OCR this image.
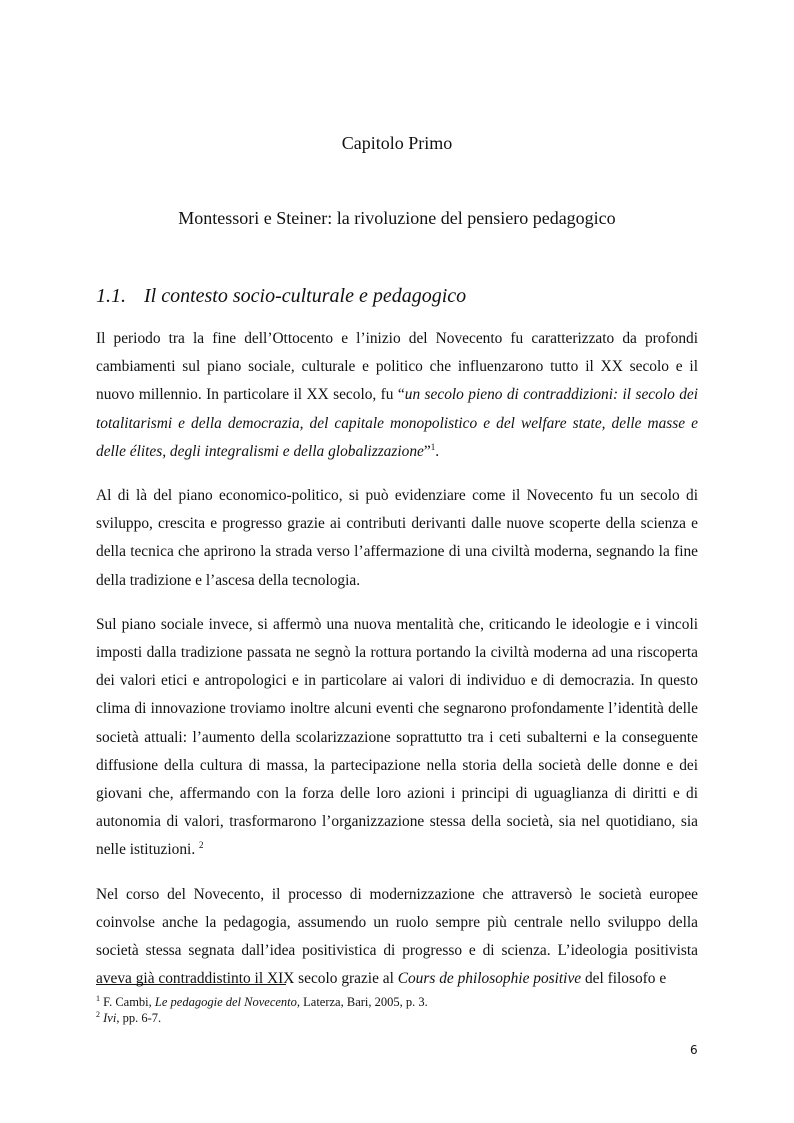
Capitolo Primo
Montessori e Steiner: la rivoluzione del pensiero pedagogico
1.1. Il contesto socio-culturale e pedagogico

Il periodo tra la fine dell’Ottocento e l’inizio del Novecento fu caratterizzato da profondi cambiamenti sul piano sociale, culturale e politico che influenzarono tutto il XX secolo e il nuovo millennio. In particolare il XX secolo, fu “un secolo pieno di contraddizioni: il secolo dei totalitarismi e della democrazia, del capitale monopolistico e del welfare state, delle masse e delle élites, degli integralismi e della globalizzazione”$^1$.

Al di là del piano economico-politico, si può evidenziare come il Novecento fu un secolo di sviluppo, crescita e progresso grazie ai contributi derivanti dalle nuove scoperte della scienza e della tecnica che aprirono la strada verso l’affermazione di una civiltà moderna, segnando la fine della tradizione e l’ascesa della tecnologia.

Sul piano sociale invece, si affermò una nuova mentalità che, criticando le ideologie e i vincoli imposti dalla tradizione passata ne segnò la rottura portando la civiltà moderna ad una riscoperta dei valori etici e antropologici e in particolare ai valori di individuo e di democrazia. In questo clima di innovazione troviamo inoltre alcuni eventi che segnarono profondamente l’identità delle società attuali: l’aumento della scolarizzazione soprattutto tra i ceti subalterni e la conseguente diffusione della cultura di massa, la partecipazione nella storia della società delle donne e dei giovani che, affermando con la forza delle loro azioni i principi di uguaglianza di diritti e di autonomia di valori, trasformarono l’organizzazione stessa della società, sia nel quotidiano, sia nelle istituzioni. $^2$

Nel corso del Novecento, il processo di modernizzazione che attraversò le società europee coinvolse anche la pedagogia, assumendo un ruolo sempre più centrale nello sviluppo della società stessa segnata dall’idea positivistica di progresso e di scienza. L’ideologia positivista aveva già contraddistinto il XIX secolo grazie al Cours de philosophie positive del filosofo e

$^1$ F. Cambi, Le pedagogie del Novecento, Laterza, Bari, 2005, p. 3.
$^2$ Ivi, pp. 6-7.
6
